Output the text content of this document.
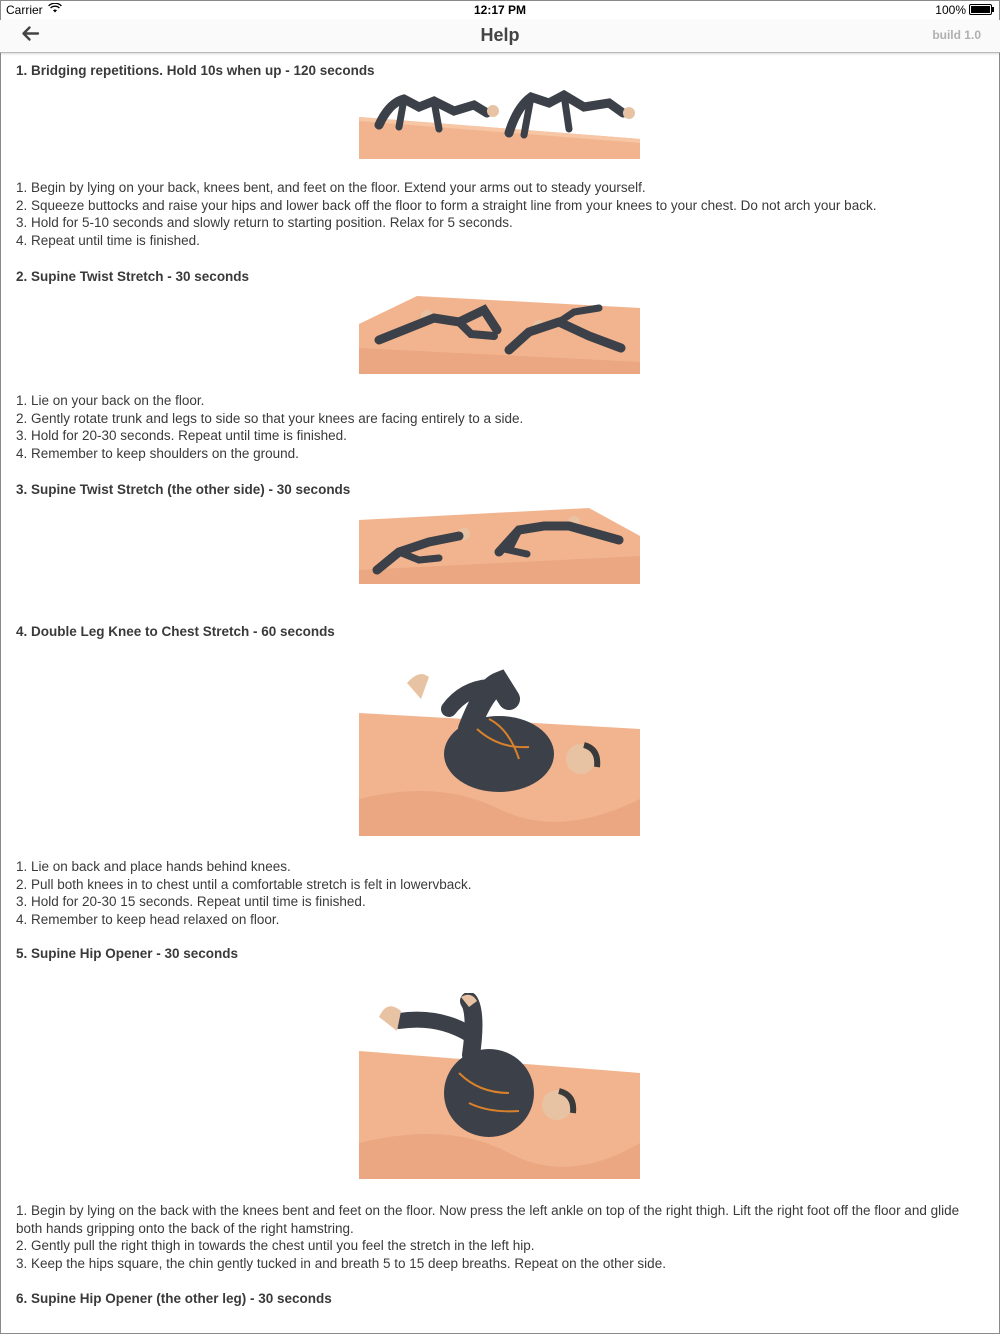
Carrier	12:17 PM	100%
Help	build 1.0
1. Bridging repetitions. Hold 10s when up - 120 seconds
1. Begin by lying on your back, knees bent, and feet on the floor. Extend your arms out to steady yourself.
2. Squeeze buttocks and raise your hips and lower back off the floor to form a straight line from your knees to your chest. Do not arch your back.
3. Hold for 5-10 seconds and slowly return to starting position. Relax for 5 seconds.
4. Repeat until time is finished.
2. Supine Twist Stretch - 30 seconds
1. Lie on your back on the floor.
2. Gently rotate trunk and legs to side so that your knees are facing entirely to a side.
3. Hold for 20-30 seconds. Repeat until time is finished.
4. Remember to keep shoulders on the ground.
3. Supine Twist Stretch (the other side) - 30 seconds
4. Double Leg Knee to Chest Stretch - 60 seconds
1. Lie on back and place hands behind knees.
2. Pull both knees in to chest until a comfortable stretch is felt in lowervback.
3. Hold for 20-30 15 seconds. Repeat until time is finished.
4. Remember to keep head relaxed on floor.
5. Supine Hip Opener - 30 seconds
1. Begin by lying on the back with the knees bent and feet on the floor. Now press the left ankle on top of the right thigh. Lift the right foot off the floor and glide both hands gripping onto the back of the right hamstring.
2. Gently pull the right thigh in towards the chest until you feel the stretch in the left hip.
3. Keep the hips square, the chin gently tucked in and breath 5 to 15 deep breaths. Repeat on the other side.
6. Supine Hip Opener (the other leg) - 30 seconds
